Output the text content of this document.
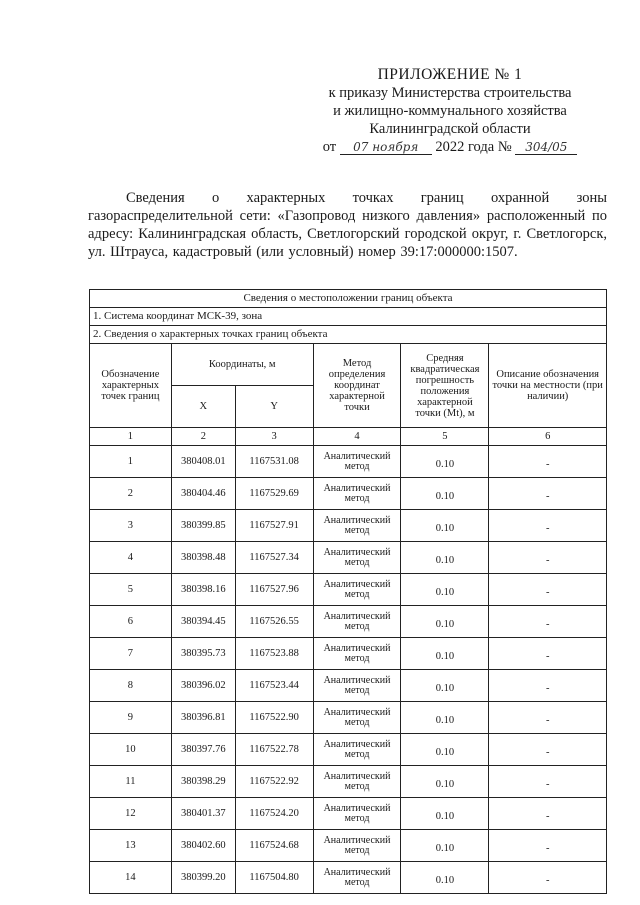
ПРИЛОЖЕНИЕ № 1
к приказу Министерства строительства
и жилищно-коммунального хозяйства
Калининградской области
от 07 ноября 2022 года № 304/05
Сведения о характерных точках границ охранной зоны газораспределительной сети: «Газопровод низкого давления» расположенный по адресу: Калининградская область, Светлогорский городской округ, г. Светлогорск, ул. Штрауса, кадастровый (или условный) номер 39:17:000000:1507.
Сведения о местоположении границ объекта					
1. Система координат МСК-39, зона					
2. Сведения о характерных точках границ объекта					
Обозначение характерных точек границ	Координаты, м		Метод определения координат характерной точки	Средняя квадратическая погрешность положения характерной точки (Mt), м	Описание обозначения точки на местности (при наличии)
	X	Y			
1	2	3	4	5	6
1	380408.01	1167531.08	Аналитический метод	0.10	-
2	380404.46	1167529.69	Аналитический метод	0.10	-
3	380399.85	1167527.91	Аналитический метод	0.10	-
4	380398.48	1167527.34	Аналитический метод	0.10	-
5	380398.16	1167527.96	Аналитический метод	0.10	-
6	380394.45	1167526.55	Аналитический метод	0.10	-
7	380395.73	1167523.88	Аналитический метод	0.10	-
8	380396.02	1167523.44	Аналитический метод	0.10	-
9	380396.81	1167522.90	Аналитический метод	0.10	-
10	380397.76	1167522.78	Аналитический метод	0.10	-
11	380398.29	1167522.92	Аналитический метод	0.10	-
12	380401.37	1167524.20	Аналитический метод	0.10	-
13	380402.60	1167524.68	Аналитический метод	0.10	-
14	380399.20	1167504.80	Аналитический метод	0.10	-
